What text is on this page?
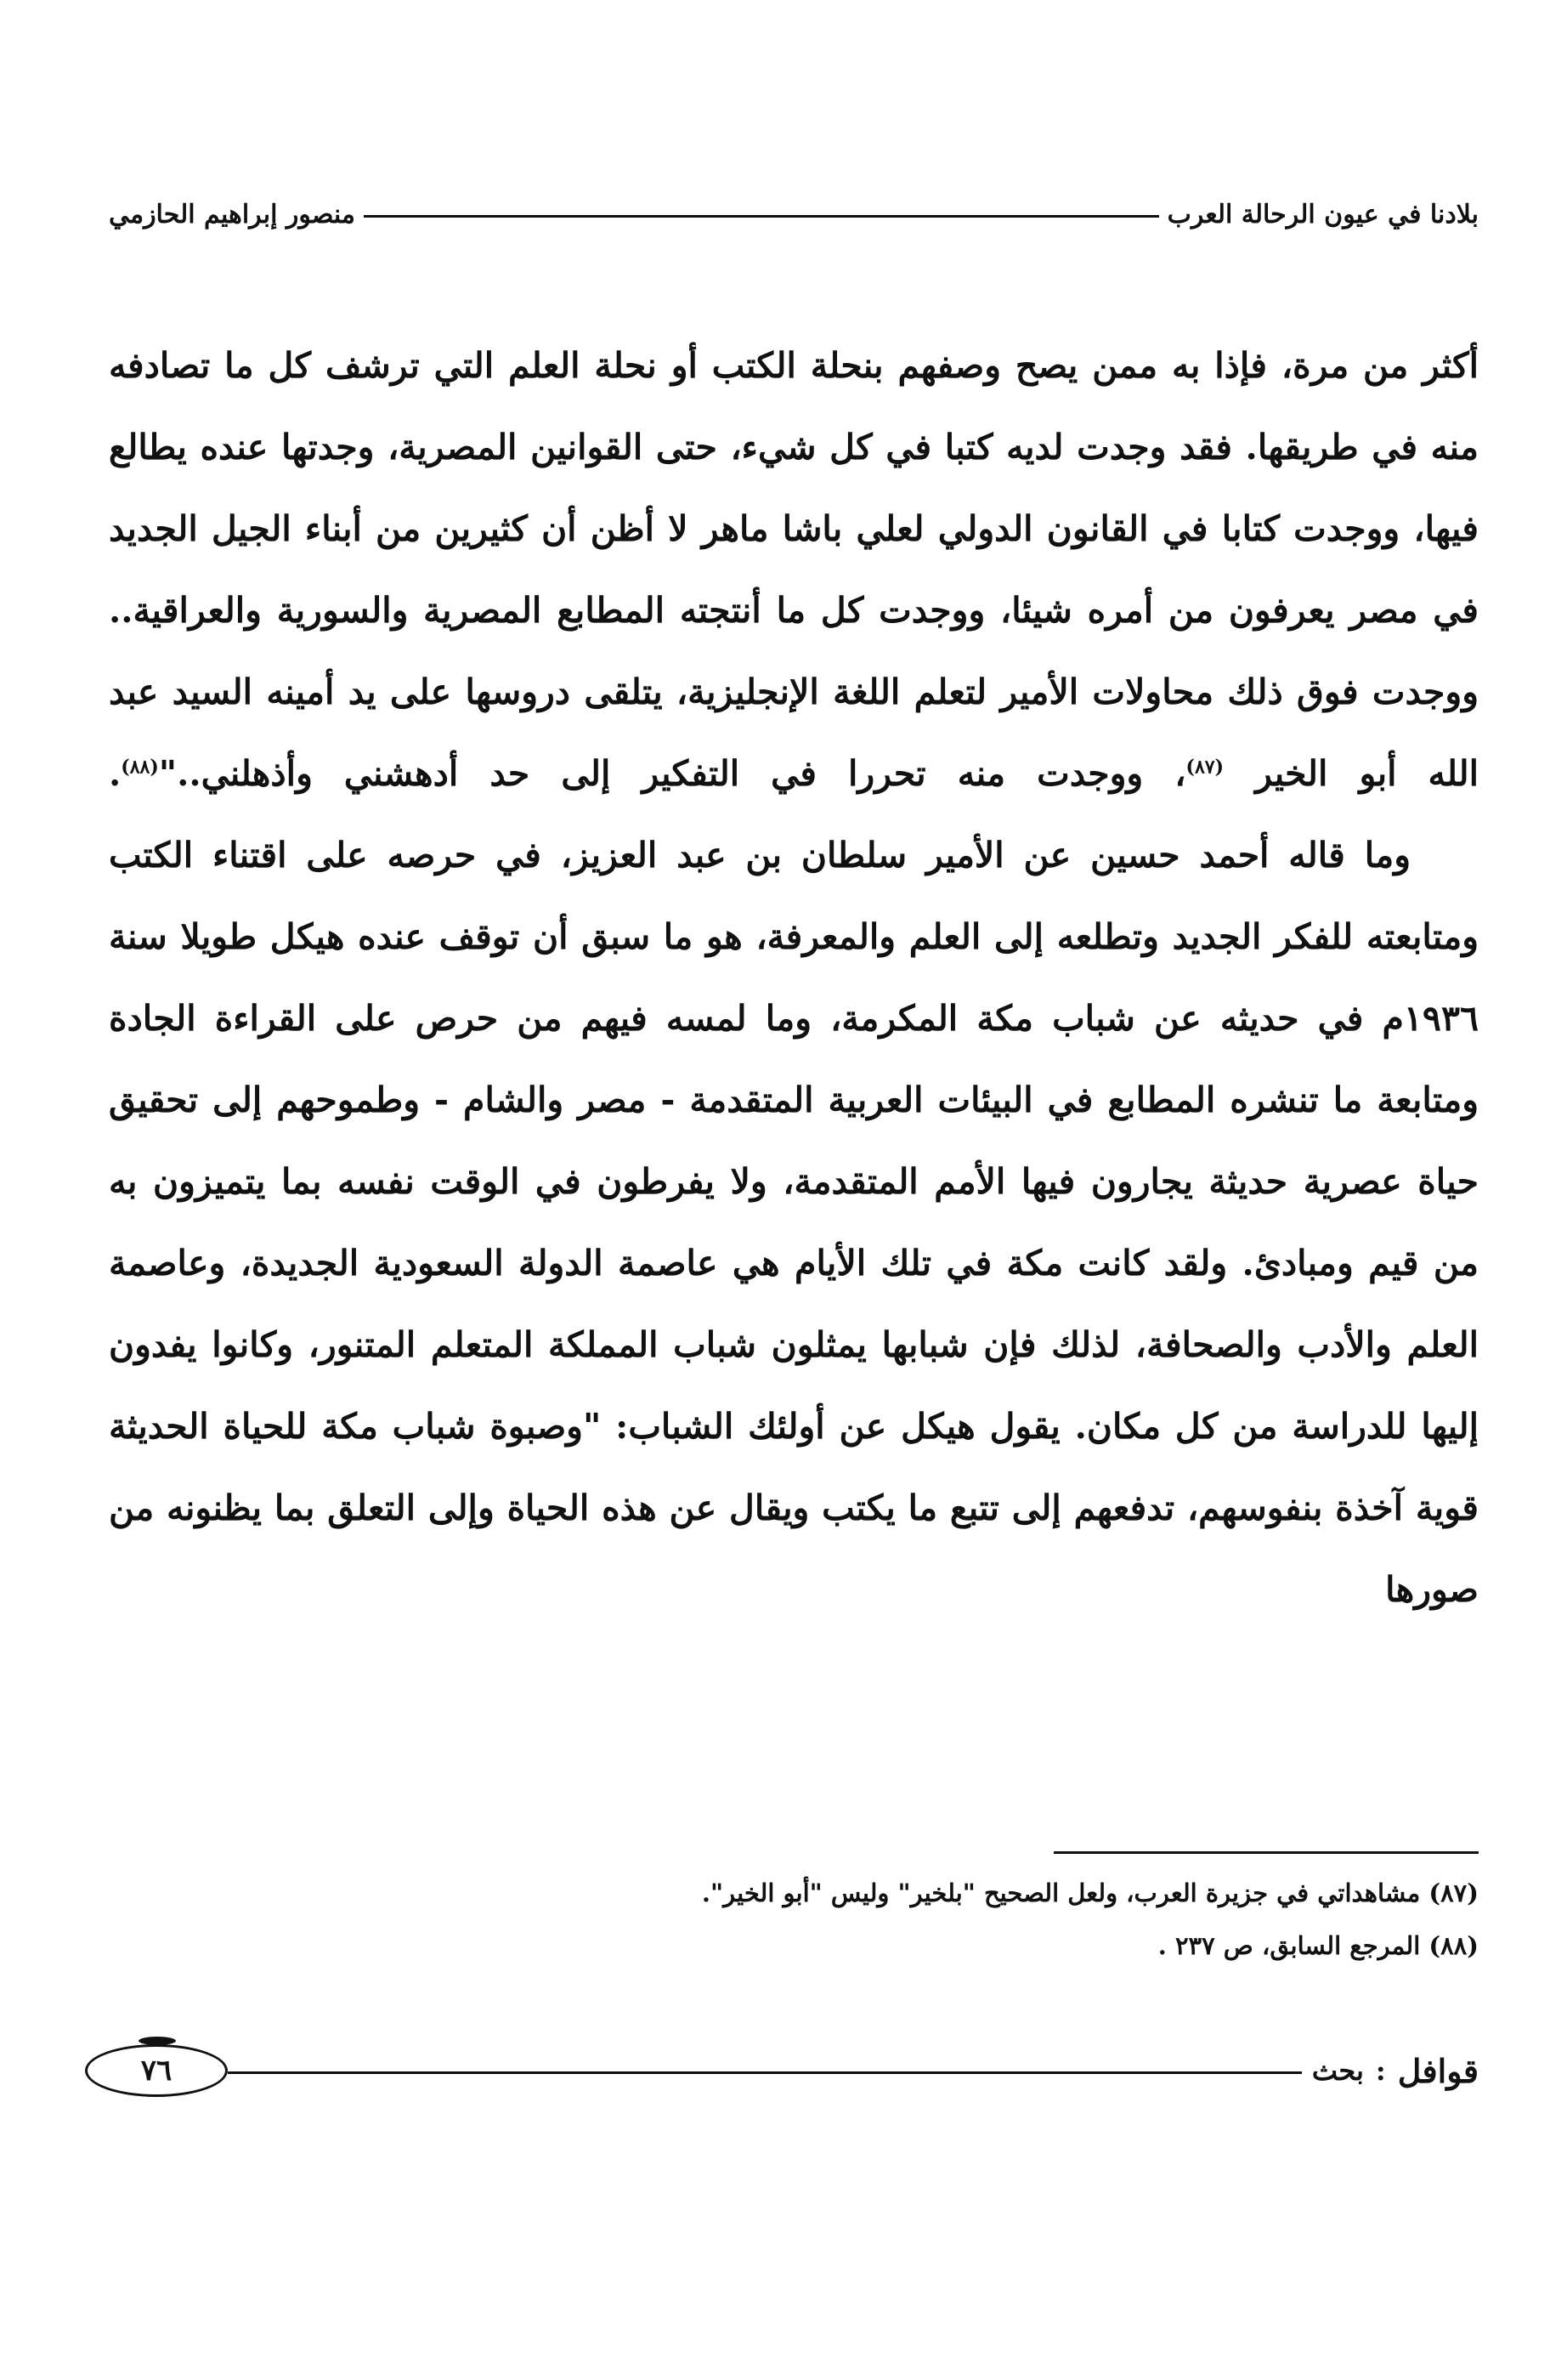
بلادنا في عيون الرحالة العرب
منصور إبراهيم الحازمي

أكثر من مرة، فإذا به ممن يصح وصفهم بنحلة الكتب أو نحلة العلم التي ترشف كل ما تصادفه منه في طريقها. فقد وجدت لديه كتبا في كل شيء، حتى القوانين المصرية، وجدتها عنده يطالع فيها، ووجدت كتابا في القانون الدولي لعلي باشا ماهر لا أظن أن كثيرين من أبناء الجيل الجديد في مصر يعرفون من أمره شيئا، ووجدت كل ما أنتجته المطابع المصرية والسورية والعراقية.. ووجدت فوق ذلك محاولات الأمير لتعلم اللغة الإنجليزية، يتلقى دروسها على يد أمينه السيد عبد الله أبو الخير $^{(٨٧)}$، ووجدت منه تحررا في التفكير إلى حد أدهشني وأذهلني.."$^{(٨٨)}$.

وما قاله أحمد حسين عن الأمير سلطان بن عبد العزيز، في حرصه على اقتناء الكتب ومتابعته للفكر الجديد وتطلعه إلى العلم والمعرفة، هو ما سبق أن توقف عنده هيكل طويلا سنة ١٩٣٦م في حديثه عن شباب مكة المكرمة، وما لمسه فيهم من حرص على القراءة الجادة ومتابعة ما تنشره المطابع في البيئات العربية المتقدمة - مصر والشام - وطموحهم إلى تحقيق حياة عصرية حديثة يجارون فيها الأمم المتقدمة، ولا يفرطون في الوقت نفسه بما يتميزون به من قيم ومبادئ. ولقد كانت مكة في تلك الأيام هي عاصمة الدولة السعودية الجديدة، وعاصمة العلم والأدب والصحافة، لذلك فإن شبابها يمثلون شباب المملكة المتعلم المتنور، وكانوا يفدون إليها للدراسة من كل مكان. يقول هيكل عن أولئك الشباب: "وصبوة شباب مكة للحياة الحديثة قوية آخذة بنفوسهم، تدفعهم إلى تتبع ما يكتب ويقال عن هذه الحياة وإلى التعلق بما يظنونه من صورها

(٨٧) مشاهداتي في جزيرة العرب، ولعل الصحيح "بلخير" وليس "أبو الخير".
(٨٨) المرجع السابق، ص ٢٣٧ .
قوافل
:
بحث
٧٦
